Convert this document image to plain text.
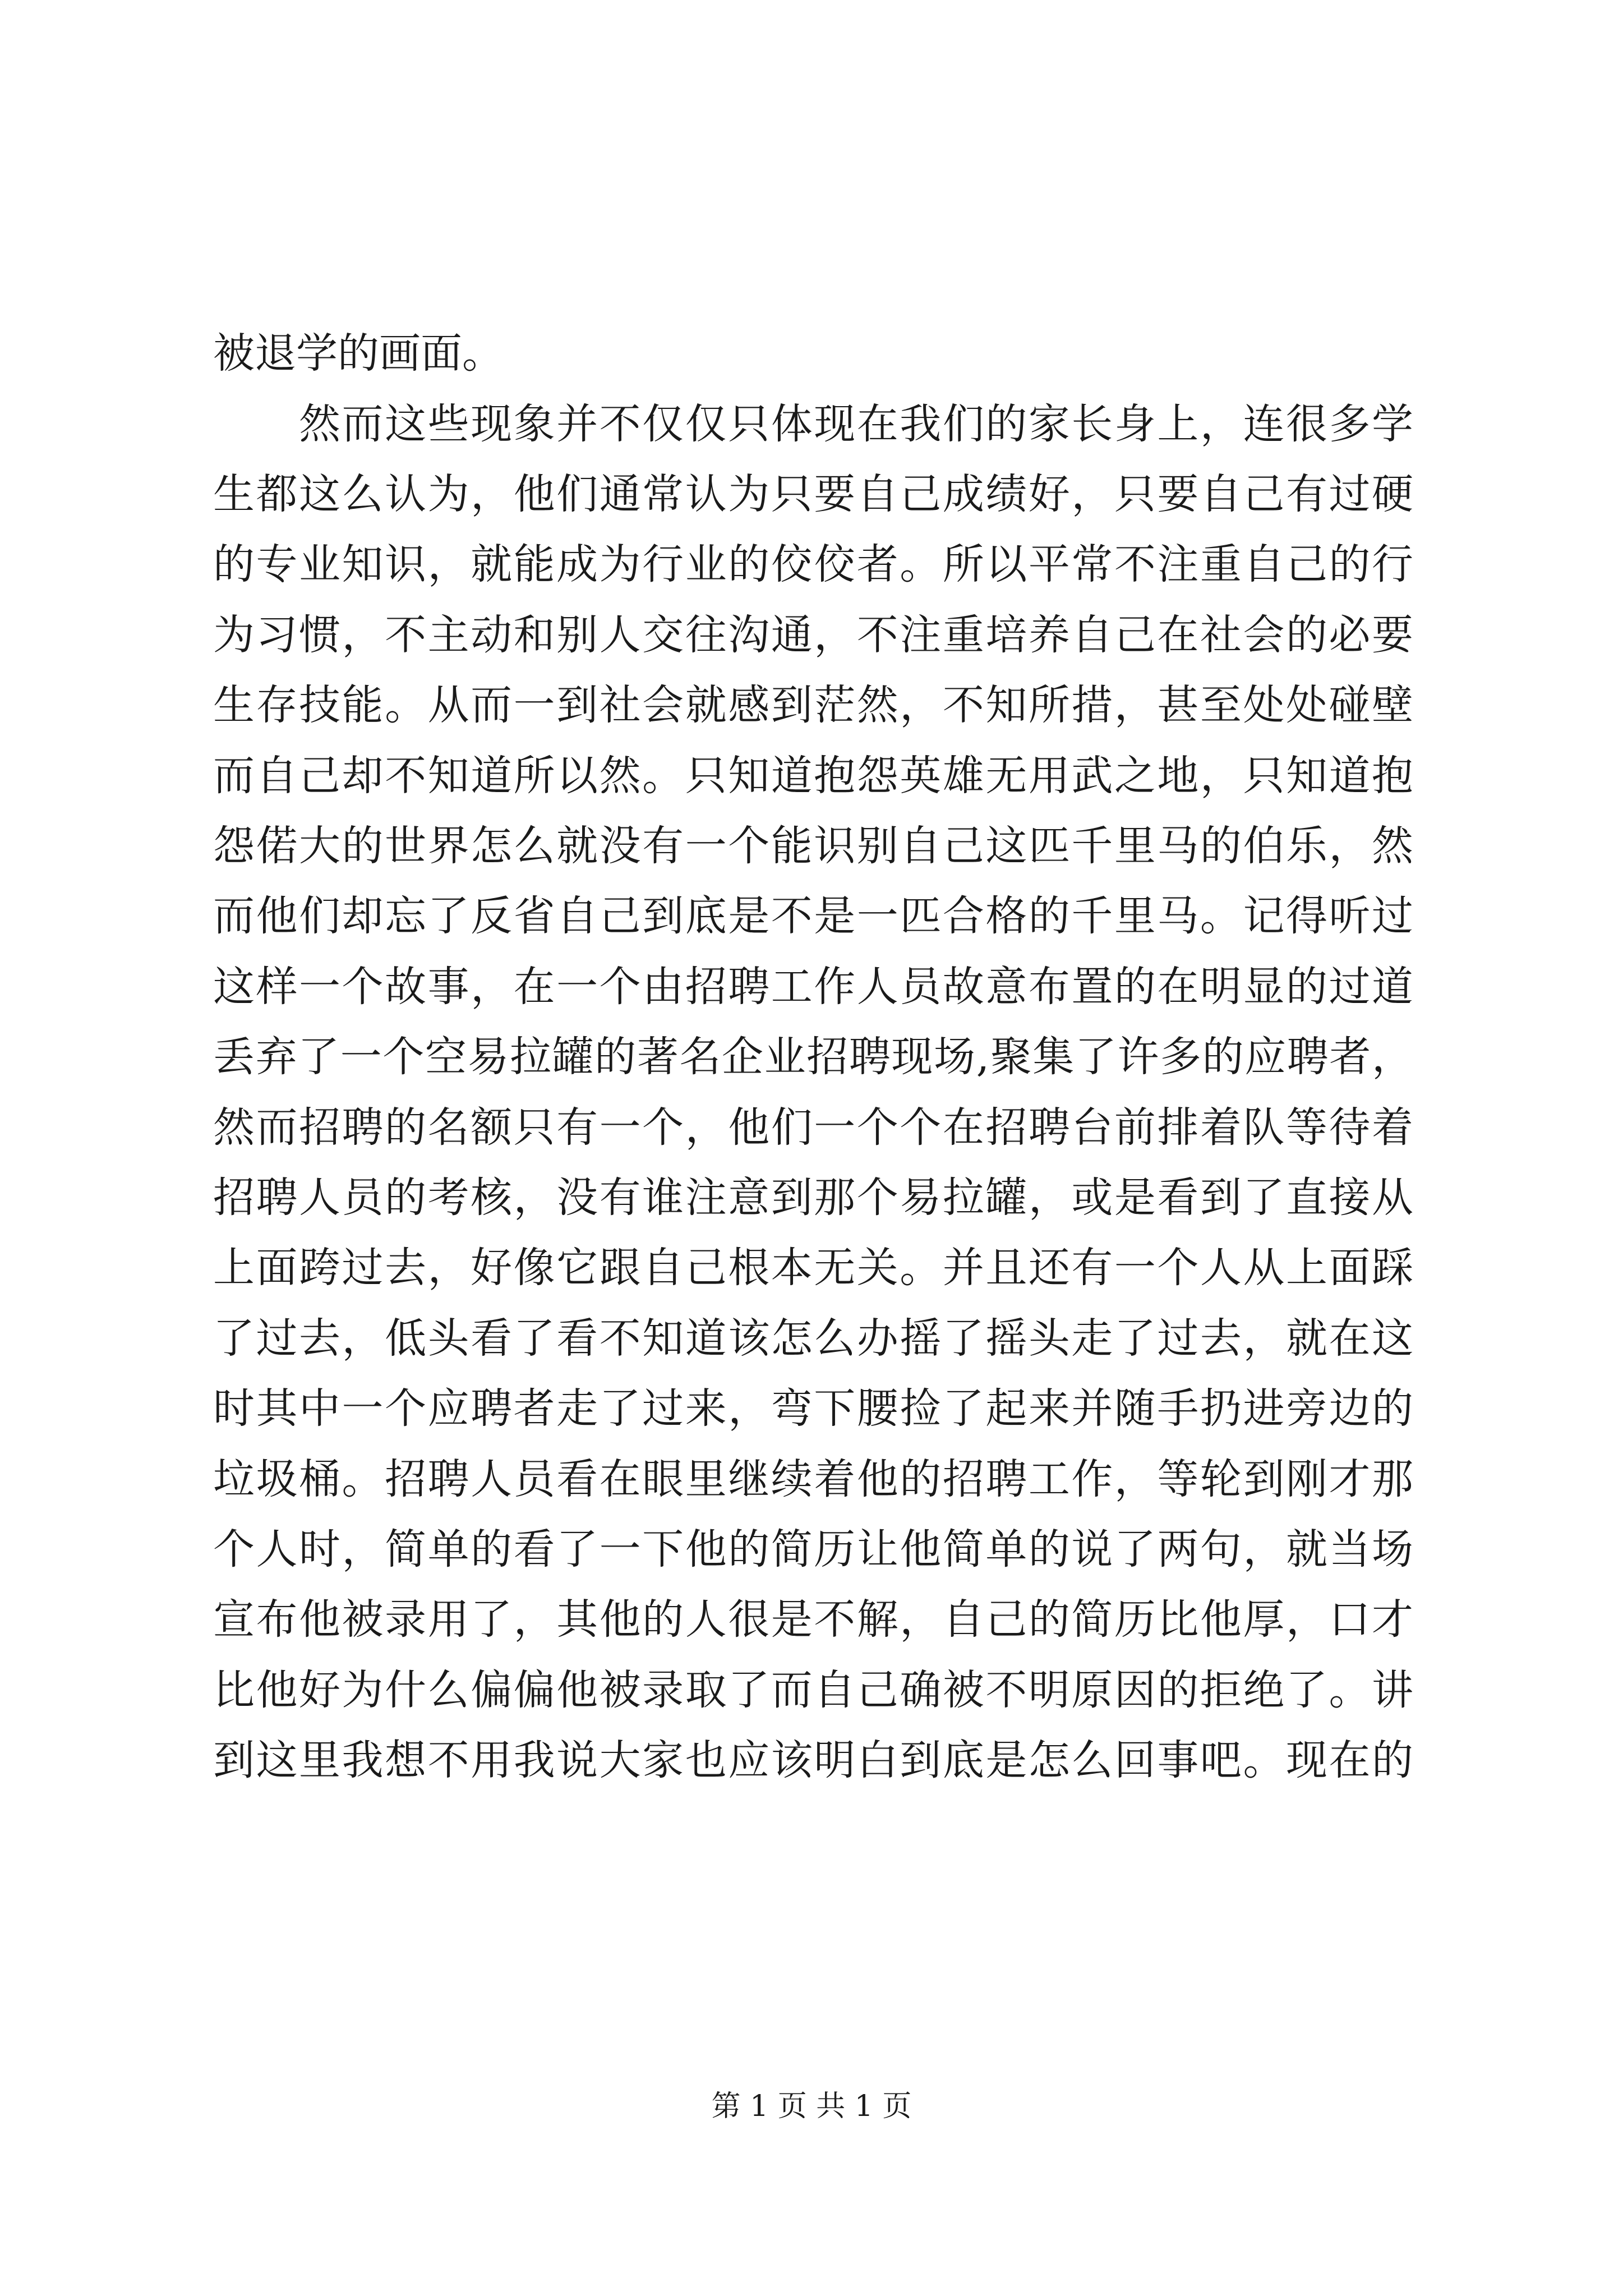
被退学的画面。
　　然而这些现象并不仅仅只体现在我们的家长身上，连很多学
生都这么认为，他们通常认为只要自己成绩好，只要自己有过硬
的专业知识，就能成为行业的佼佼者。所以平常不注重自己的行
为习惯，不主动和别人交往沟通，不注重培养自己在社会的必要
生存技能。从而一到社会就感到茫然，不知所措，甚至处处碰壁
而自己却不知道所以然。只知道抱怨英雄无用武之地，只知道抱
怨偌大的世界怎么就没有一个能识别自己这匹千里马的伯乐，然
而他们却忘了反省自己到底是不是一匹合格的千里马。记得听过
这样一个故事，在一个由招聘工作人员故意布置的在明显的过道
丢弃了一个空易拉罐的著名企业招聘现场,聚集了许多的应聘者，
然而招聘的名额只有一个，他们一个个在招聘台前排着队等待着
招聘人员的考核，没有谁注意到那个易拉罐，或是看到了直接从
上面跨过去，好像它跟自己根本无关。并且还有一个人从上面踩
了过去，低头看了看不知道该怎么办摇了摇头走了过去，就在这
时其中一个应聘者走了过来，弯下腰捡了起来并随手扔进旁边的
垃圾桶。招聘人员看在眼里继续着他的招聘工作，等轮到刚才那
个人时，简单的看了一下他的简历让他简单的说了两句，就当场
宣布他被录用了，其他的人很是不解，自己的简历比他厚，口才
比他好为什么偏偏他被录取了而自己确被不明原因的拒绝了。讲
到这里我想不用我说大家也应该明白到底是怎么回事吧。现在的
第 1 页 共 1 页
